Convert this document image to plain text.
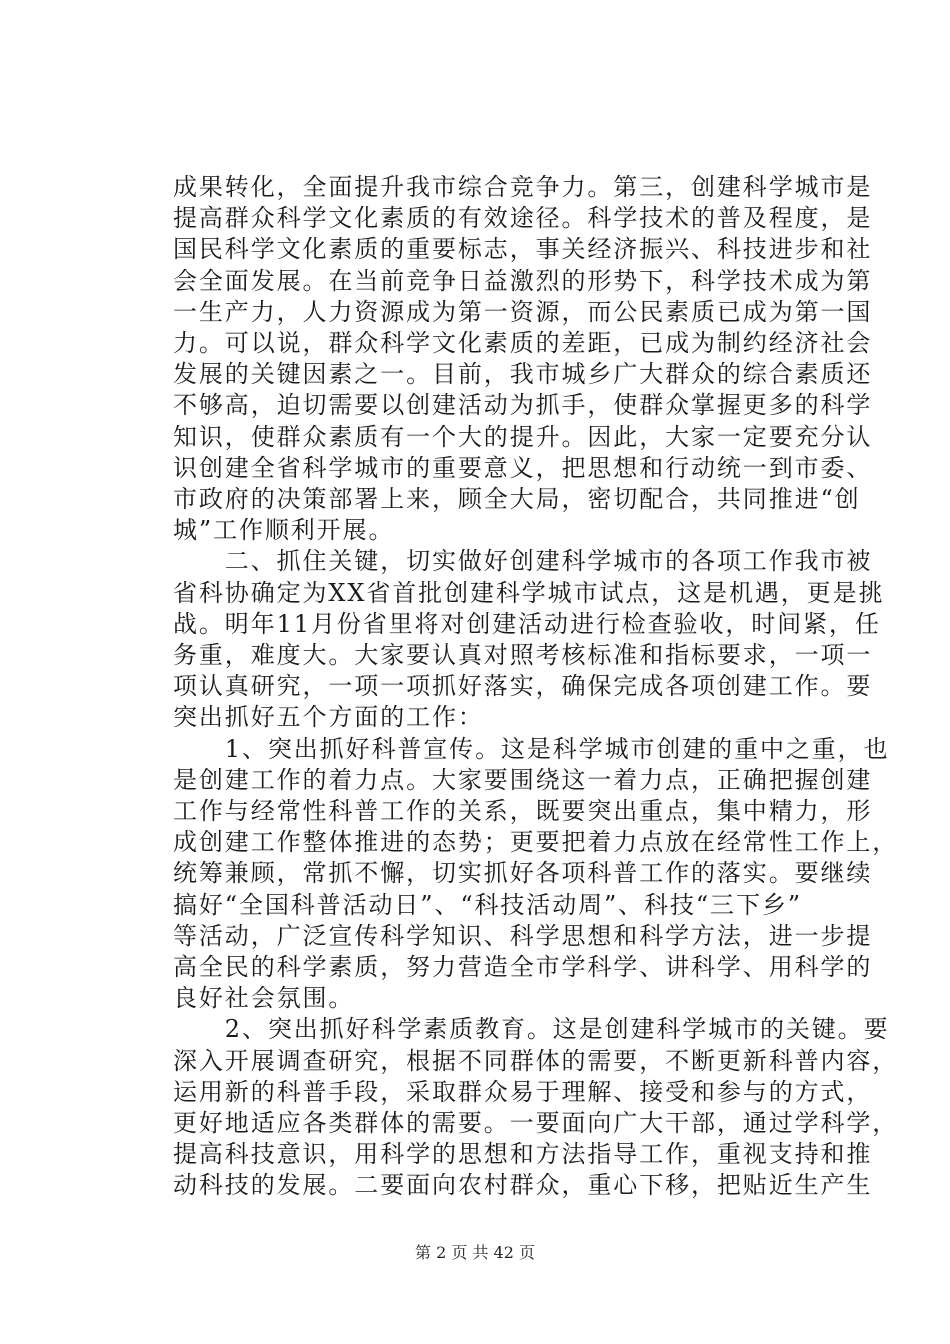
成果转化，全面提升我市综合竞争力。第三，创建科学城市是
提高群众科学文化素质的有效途径。科学技术的普及程度，是
国民科学文化素质的重要标志，事关经济振兴、科技进步和社
会全面发展。在当前竞争日益激烈的形势下，科学技术成为第
一生产力，人力资源成为第一资源，而公民素质已成为第一国
力。可以说，群众科学文化素质的差距，已成为制约经济社会
发展的关键因素之一。目前，我市城乡广大群众的综合素质还
不够高，迫切需要以创建活动为抓手，使群众掌握更多的科学
知识，使群众素质有一个大的提升。因此，大家一定要充分认
识创建全省科学城市的重要意义，把思想和行动统一到市委、
市政府的决策部署上来，顾全大局，密切配合，共同推进“创
城”工作顺利开展。
　　二、抓住关键，切实做好创建科学城市的各项工作我市被
省科协确定为XX省首批创建科学城市试点，这是机遇，更是挑
战。明年11月份省里将对创建活动进行检查验收，时间紧，任
务重，难度大。大家要认真对照考核标准和指标要求，一项一
项认真研究，一项一项抓好落实，确保完成各项创建工作。要
突出抓好五个方面的工作：
　　1、突出抓好科普宣传。这是科学城市创建的重中之重，也
是创建工作的着力点。大家要围绕这一着力点，正确把握创建
工作与经常性科普工作的关系，既要突出重点，集中精力，形
成创建工作整体推进的态势；更要把着力点放在经常性工作上，
统筹兼顾，常抓不懈，切实抓好各项科普工作的落实。要继续
搞好“全国科普活动日”、“科技活动周”、科技“三下乡”
等活动，广泛宣传科学知识、科学思想和科学方法，进一步提
高全民的科学素质，努力营造全市学科学、讲科学、用科学的
良好社会氛围。
　　2、突出抓好科学素质教育。这是创建科学城市的关键。要
深入开展调查研究，根据不同群体的需要，不断更新科普内容，
运用新的科普手段，采取群众易于理解、接受和参与的方式，
更好地适应各类群体的需要。一要面向广大干部，通过学科学，
提高科技意识，用科学的思想和方法指导工作，重视支持和推
动科技的发展。二要面向农村群众，重心下移，把贴近生产生
第 2 页 共 42 页
